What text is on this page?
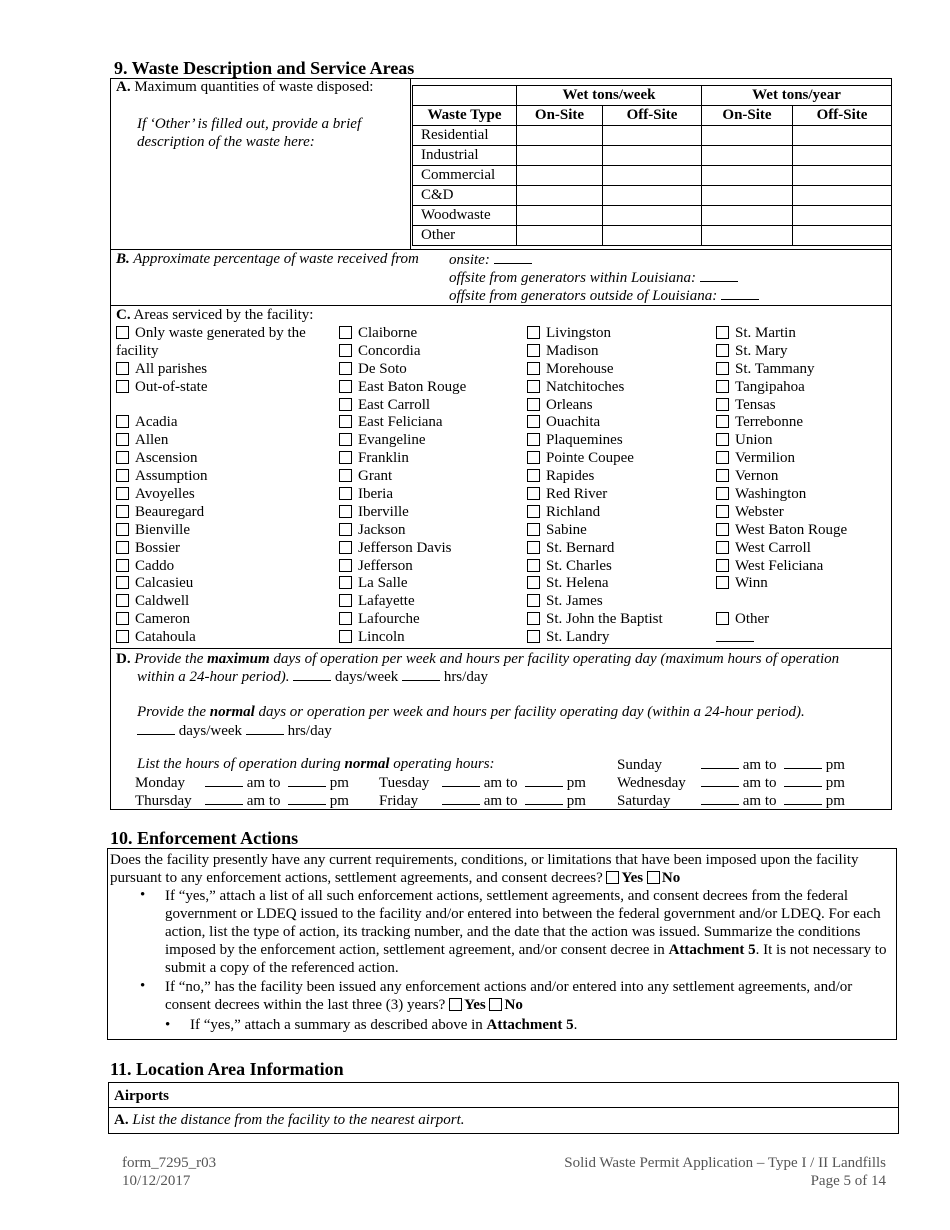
9. Waste Description and Service Areas
A. Maximum quantities of waste disposed:
If ‘Other’ is filled out, provide a brief description of the waste here:
	Wet tons/week		Wet tons/year	
Waste Type	On-Site	Off-Site	On-Site	Off-Site
Residential				
Industrial				
Commercial				
C&D				
Woodwaste				
Other				
B. Approximate percentage of waste received from onsite:
offsite from generators within Louisiana:
offsite from generators outside of Louisiana:
C. Areas serviced by the facility:
Only waste generated by the
facility
All parishes
Out-of-state
Acadia
Allen
Ascension
Assumption
Avoyelles
Beauregard
Bienville
Bossier
Caddo
Calcasieu
Caldwell
Cameron
Catahoula
Claiborne
Concordia
De Soto
East Baton Rouge
East Carroll
East Feliciana
Evangeline
Franklin
Grant
Iberia
Iberville
Jackson
Jefferson Davis
Jefferson
La Salle
Lafayette
Lafourche
Lincoln
Livingston
Madison
Morehouse
Natchitoches
Orleans
Ouachita
Plaquemines
Pointe Coupee
Rapides
Red River
Richland
Sabine
St. Bernard
St. Charles
St. Helena
St. James
St. John the Baptist
St. Landry
St. Martin
St. Mary
St. Tammany
Tangipahoa
Tensas
Terrebonne
Union
Vermilion
Vernon
Washington
Webster
West Baton Rouge
West Carroll
West Feliciana
Winn
Other
D. Provide the maximum days of operation per week and hours per facility operating day (maximum hours of operation
within a 24-hour period).	days/week	hrs/day
Provide the normal days or operation per week and hours per facility operating day (within a 24-hour period).
days/week	hrs/day
List the hours of operation during normal operating hours:	Sunday	am to	pm
Monday	am to	pm Tuesday	am to	pm Wednesday	am to	pm
Thursday	am to	pm Friday	am to	pm Saturday	am to	pm
10. Enforcement Actions
Does the facility presently have any current requirements, conditions, or limitations that have been imposed upon the facility
pursuant to any enforcement actions, settlement agreements, and consent decrees? Yes No
•	If “yes,” attach a list of all such enforcement actions, settlement agreements, and consent decrees from the federal government or LDEQ issued to the facility and/or entered into between the federal government and/or LDEQ. For each action, list the type of action, its tracking number, and the date that the action was issued. Summarize the conditions imposed by the enforcement action, settlement agreement, and/or consent decree in Attachment 5. It is not necessary to submit a copy of the referenced action.
•	If “no,” has the facility been issued any enforcement actions and/or entered into any settlement agreements, and/or consent decrees within the last three (3) years? Yes No
• If “yes,” attach a summary as described above in Attachment 5.
11. Location Area Information
Airports
A. List the distance from the facility to the nearest airport.
form_7295_r03
10/12/2017
Solid Waste Permit Application – Type I / II Landfills
Page 5 of 14
